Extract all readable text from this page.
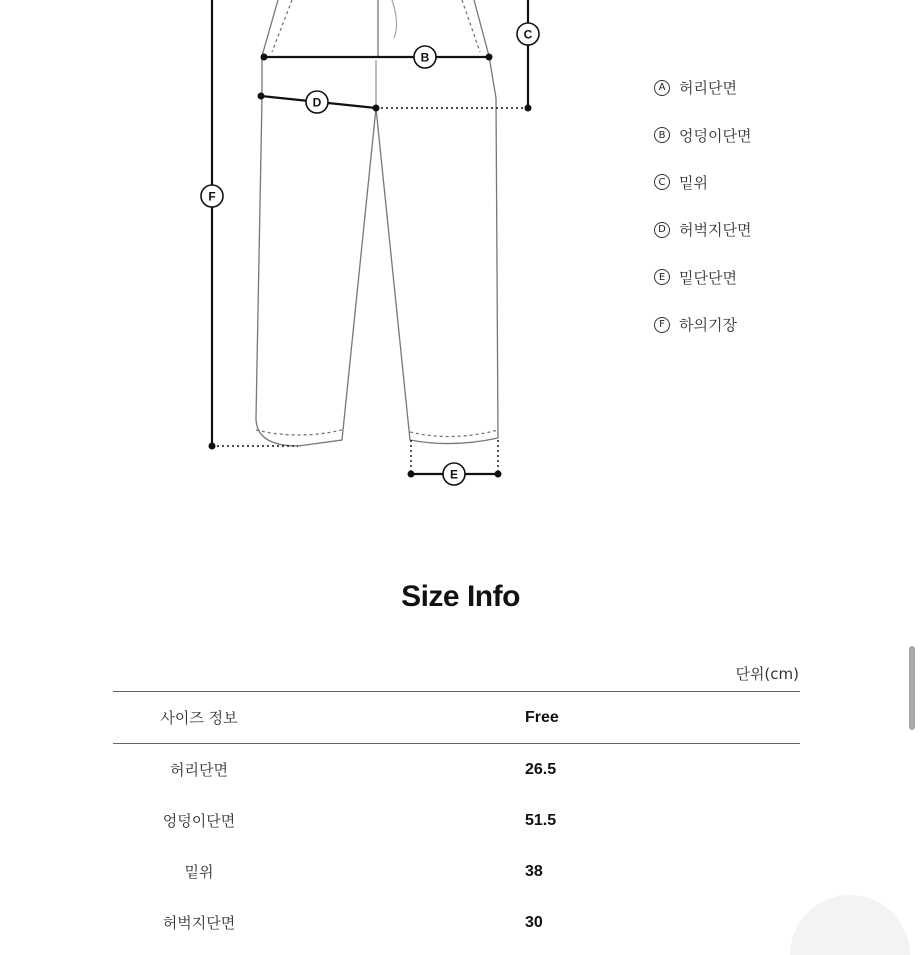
B
C
D
F
E
A 허리단면
B 엉덩이단면
C 밑위
D 허벅지단면
E 밑단단면
F 하의기장
Size Info
단위(cm)
사이즈 정보	Free
허리단면	26.5
엉덩이단면	51.5
밑위	38
허벅지단면	30
